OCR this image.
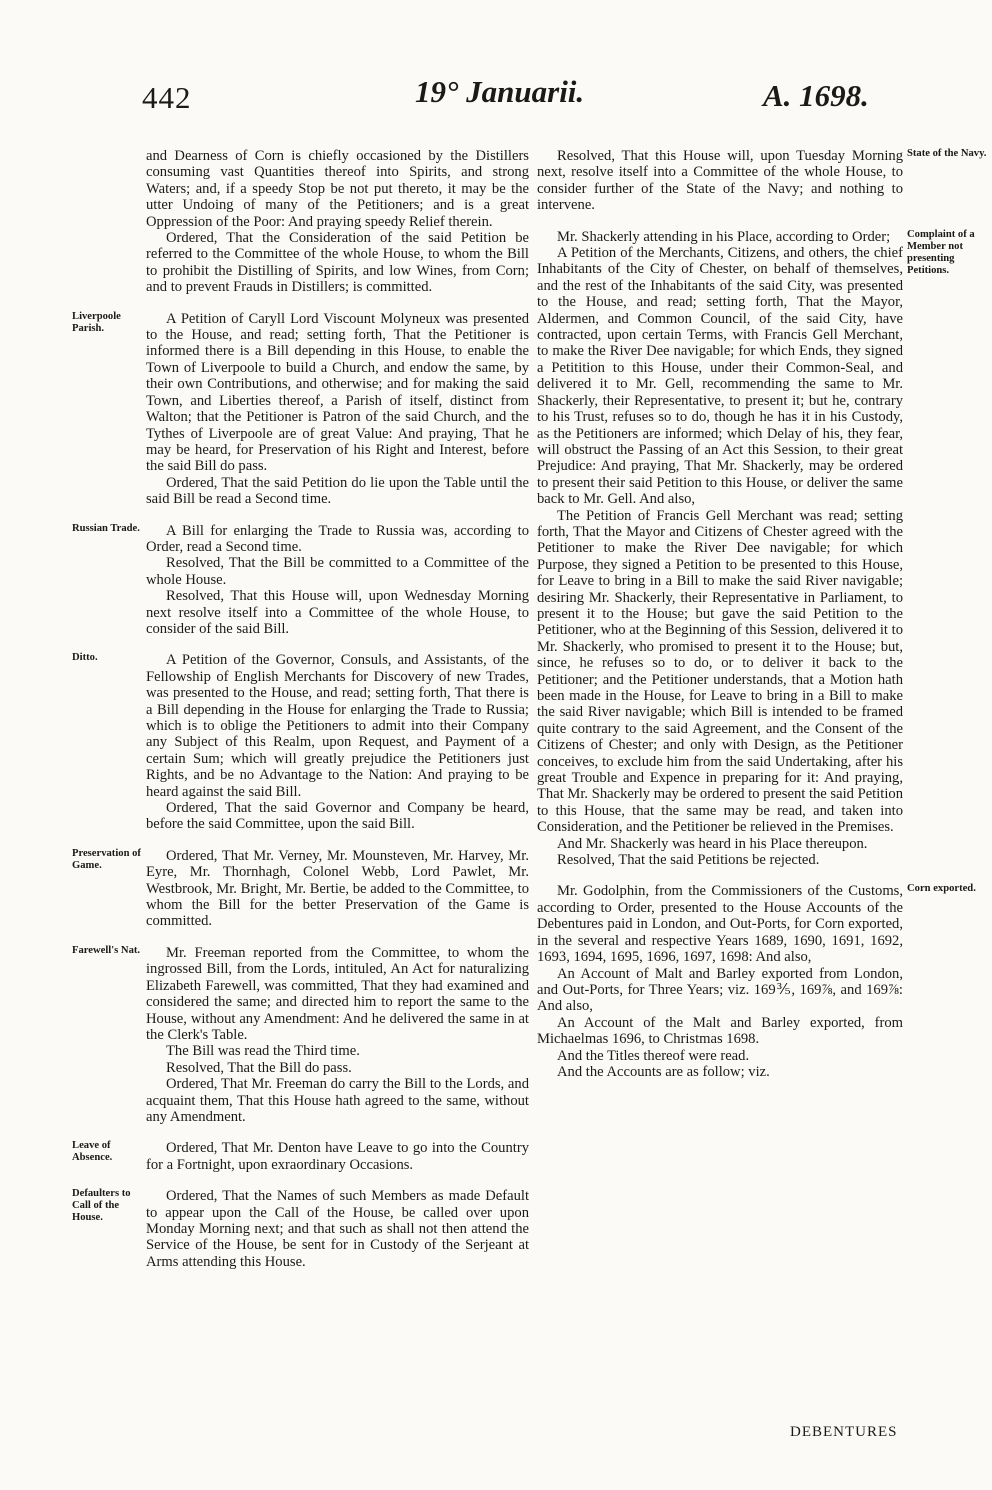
442	19° Januarii.	A. 1698.

and Dearness of Corn is chiefly occasioned by the Distillers consuming vast Quantities thereof into Spirits, and strong Waters; and, if a speedy Stop be not put thereto, it may be the utter Undoing of many of the Petitioners; and is a great Oppression of the Poor: And praying speedy Relief therein.

Ordered, That the Consideration of the said Petition be referred to the Committee of the whole House, to whom the Bill to prohibit the Distilling of Spirits, and low Wines, from Corn; and to prevent Frauds in Distillers; is committed.

Liverpoole Parish.

A Petition of Caryll Lord Viscount Molyneux was presented to the House, and read; setting forth, That the Petitioner is informed there is a Bill depending in this House, to enable the Town of Liverpoole to build a Church, and endow the same, by their own Contributions, and otherwise; and for making the said Town, and Liberties thereof, a Parish of itself, distinct from Walton; that the Petitioner is Patron of the said Church, and the Tythes of Liverpoole are of great Value: And praying, That he may be heard, for Preservation of his Right and Interest, before the said Bill do pass.

Ordered, That the said Petition do lie upon the Table until the said Bill be read a Second time.

Russian Trade.	A Bill for enlarging the Trade to Russia was, according to Order, read a Second time.

Resolved, That the Bill be committed to a Committee of the whole House.

Resolved, That this House will, upon Wednesday Morning next resolve itself into a Committee of the whole House, to consider of the said Bill.

Ditto.	A Petition of the Governor, Consuls, and Assistants, of the Fellowship of English Merchants for Discovery of new Trades, was presented to the House, and read; setting forth, That there is a Bill depending in the House for enlarging the Trade to Russia; which is to oblige the Petitioners to admit into their Company any Subject of this Realm, upon Request, and Payment of a certain Sum; which will greatly prejudice the Petitioners just Rights, and be no Advantage to the Nation: And praying to be heard against the said Bill.

Ordered, That the said Governor and Company be heard, before the said Committee, upon the said Bill.

Preservation of Game.

Ordered, That Mr. Verney, Mr. Mounsteven, Mr. Harvey, Mr. Eyre, Mr. Thornhagh, Colonel Webb, Lord Pawlet, Mr. Westbrook, Mr. Bright, Mr. Bertie, be added to the Committee, to whom the Bill for the better Preservation of the Game is committed.

Farewell's Nat.	Mr. Freeman reported from the Committee, to whom the ingrossed Bill, from the Lords, intituled, An Act for naturalizing Elizabeth Farewell, was committed, That they had examined and considered the same; and directed him to report the same to the House, without any Amendment: And he delivered the same in at the Clerk's Table.

The Bill was read the Third time.

Resolved, That the Bill do pass.

Ordered, That Mr. Freeman do carry the Bill to the Lords, and acquaint them, That this House hath agreed to the same, without any Amendment.

Leave of Absence.

Ordered, That Mr. Denton have Leave to go into the Country for a Fortnight, upon exraordinary Occasions.

Defaulters to Call of the House.

Ordered, That the Names of such Members as made Default to appear upon the Call of the House, be called over upon Monday Morning next; and that such as shall not then attend the Service of the House, be sent for in Custody of the Serjeant at Arms attending this House.

State of the Navy.

Resolved, That this House will, upon Tuesday Morning next, resolve itself into a Committee of the whole House, to consider further of the State of the Navy; and nothing to intervene.

Complaint of a Member not presenting Petitions.

Mr. Shackerly attending in his Place, according to Order;

A Petition of the Merchants, Citizens, and others, the chief Inhabitants of the City of Chester, on behalf of themselves, and the rest of the Inhabitants of the said City, was presented to the House, and read; setting forth, That the Mayor, Aldermen, and Common Council, of the said City, have contracted, upon certain Terms, with Francis Gell Merchant, to make the River Dee navigable; for which Ends, they signed a Petitition to this House, under their Common-Seal, and delivered it to Mr. Gell, recommending the same to Mr. Shackerly, their Representative, to present it; but he, contrary to his Trust, refuses so to do, though he has it in his Custody, as the Petitioners are informed; which Delay of his, they fear, will obstruct the Passing of an Act this Session, to their great Prejudice: And praying, That Mr. Shackerly, may be ordered to present their said Petition to this House, or deliver the same back to Mr. Gell. And also,

The Petition of Francis Gell Merchant was read; setting forth, That the Mayor and Citizens of Chester agreed with the Petitioner to make the River Dee navigable; for which Purpose, they signed a Petition to be presented to this House, for Leave to bring in a Bill to make the said River navigable; desiring Mr. Shackerly, their Representative in Parliament, to present it to the House; but gave the said Petition to the Petitioner, who at the Beginning of this Session, delivered it to Mr. Shackerly, who promised to present it to the House; but, since, he refuses so to do, or to deliver it back to the Petitioner; and the Petitioner understands, that a Motion hath been made in the House, for Leave to bring in a Bill to make the said River navigable; which Bill is intended to be framed quite contrary to the said Agreement, and the Consent of the Citizens of Chester; and only with Design, as the Petitioner conceives, to exclude him from the said Undertaking, after his great Trouble and Expence in preparing for it: And praying, That Mr. Shackerly may be ordered to present the said Petition to this House, that the same may be read, and taken into Consideration, and the Petitioner be relieved in the Premises.

And Mr. Shackerly was heard in his Place thereupon.

Resolved, That the said Petitions be rejected.

Corn exported.

Mr. Godolphin, from the Commissioners of the Customs, according to Order, presented to the House Accounts of the Debentures paid in London, and Out-Ports, for Corn exported, in the several and respective Years 1689, 1690, 1691, 1692, 1693, 1694, 1695, 1696, 1697, 1698: And also,

An Account of Malt and Barley exported from London, and Out-Ports, for Three Years; viz. 169⅗, 169⅞, and 169⅞: And also,

An Account of the Malt and Barley exported, from Michaelmas 1696, to Christmas 1698.

And the Titles thereof were read.

And the Accounts are as follow; viz.

DEBENTURES
